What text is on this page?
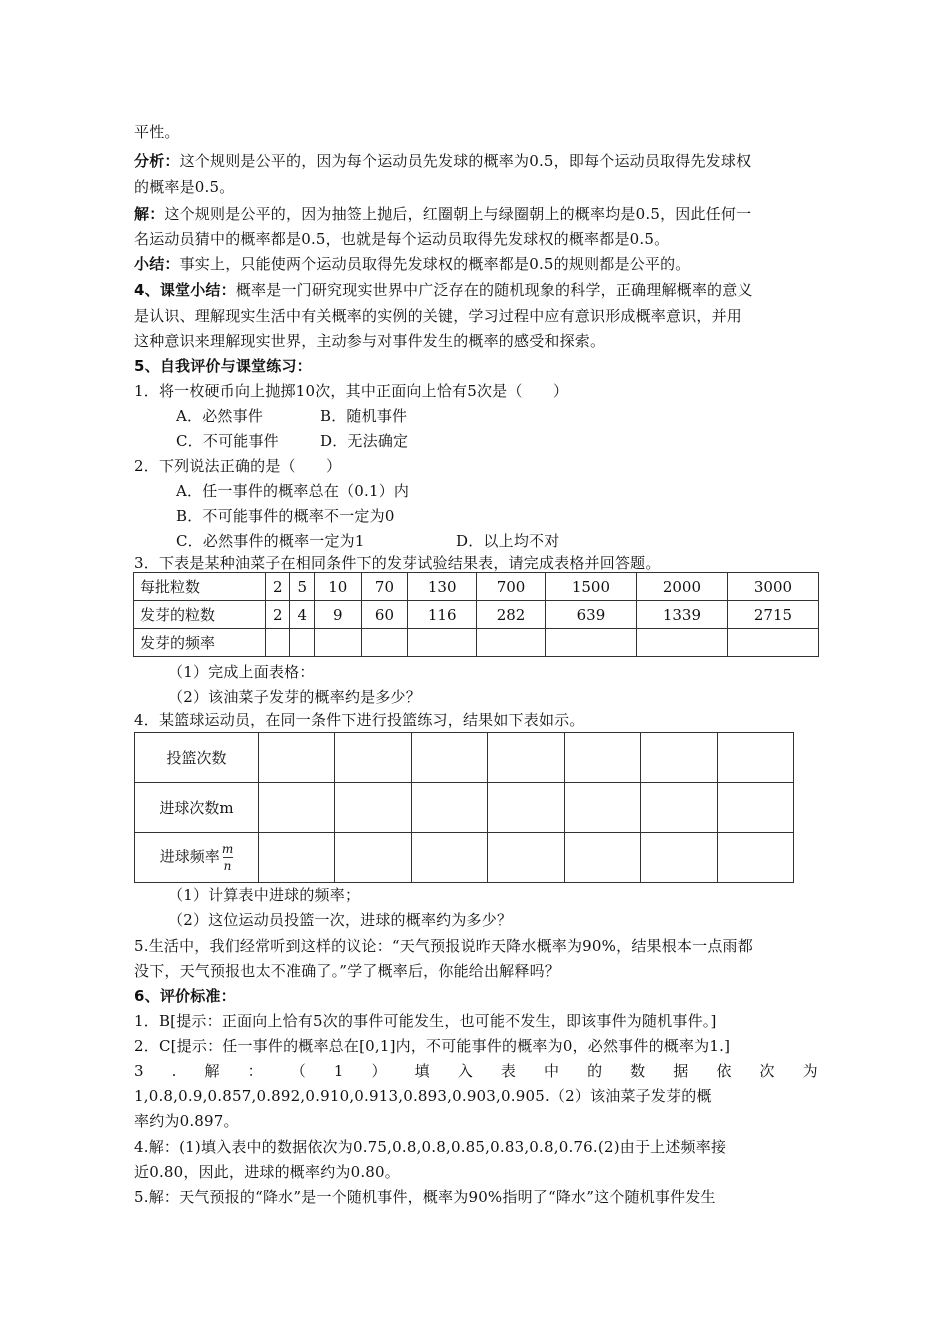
平性。
分析：这个规则是公平的，因为每个运动员先发球的概率为0.5，即每个运动员取得先发球权
的概率是0.5。
解：这个规则是公平的，因为抽签上抛后，红圈朝上与绿圈朝上的概率均是0.5，因此任何一
名运动员猜中的概率都是0.5，也就是每个运动员取得先发球权的概率都是0.5。
小结：事实上，只能使两个运动员取得先发球权的概率都是0.5的规则都是公平的。
4、课堂小结：概率是一门研究现实世界中广泛存在的随机现象的科学，正确理解概率的意义
是认识、理解现实生活中有关概率的实例的关键，学习过程中应有意识形成概率意识，并用
这种意识来理解现实世界，主动参与对事件发生的概率的感受和探索。
5、自我评价与课堂练习：
1．将一枚硬币向上抛掷10次，其中正面向上恰有5次是（　　）
A．必然事件	B．随机事件
C．不可能事件	D．无法确定
2．下列说法正确的是（　　）
A．任一事件的概率总在（0.1）内
B．不可能事件的概率不一定为0
C．必然事件的概率一定为1	D．以上均不对
3．下表是某种油菜子在相同条件下的发芽试验结果表，请完成表格并回答题。
每批粒数	2	5	10	70	130	700	1500	2000	3000
发芽的粒数	2	4	9	60	116	282	639	1339	2715
发芽的频率									
（1）完成上面表格：
（2）该油菜子发芽的概率约是多少？
4．某篮球运动员，在同一条件下进行投篮练习，结果如下表如示。
投篮次数							
进球次数m							
进球频率 $\frac{m}{n}$

（1）计算表中进球的频率；
（2）这位运动员投篮一次，进球的概率约为多少？
5.生活中，我们经常听到这样的议论：“天气预报说昨天降水概率为90%，结果根本一点雨都
没下，天气预报也太不准确了。”学了概率后，你能给出解释吗？
6、评价标准：
1．B[提示：正面向上恰有5次的事件可能发生，也可能不发生，即该事件为随机事件。]
2．C[提示：任一事件的概率总在[0,1]内，不可能事件的概率为0，必然事件的概率为1.]
3 . 解 ： （ 1 ） 填 入 表 中 的 数 据 依 次 为
1,0.8,0.9,0.857,0.892,0.910,0.913,0.893,0.903,0.905.（2）该油菜子发芽的概
率约为0.897。
4.解：(1)填入表中的数据依次为0.75,0.8,0.8,0.85,0.83,0.8,0.76.(2)由于上述频率接
近0.80，因此，进球的概率约为0.80。
5.解：天气预报的“降水”是一个随机事件，概率为90%指明了“降水”这个随机事件发生
